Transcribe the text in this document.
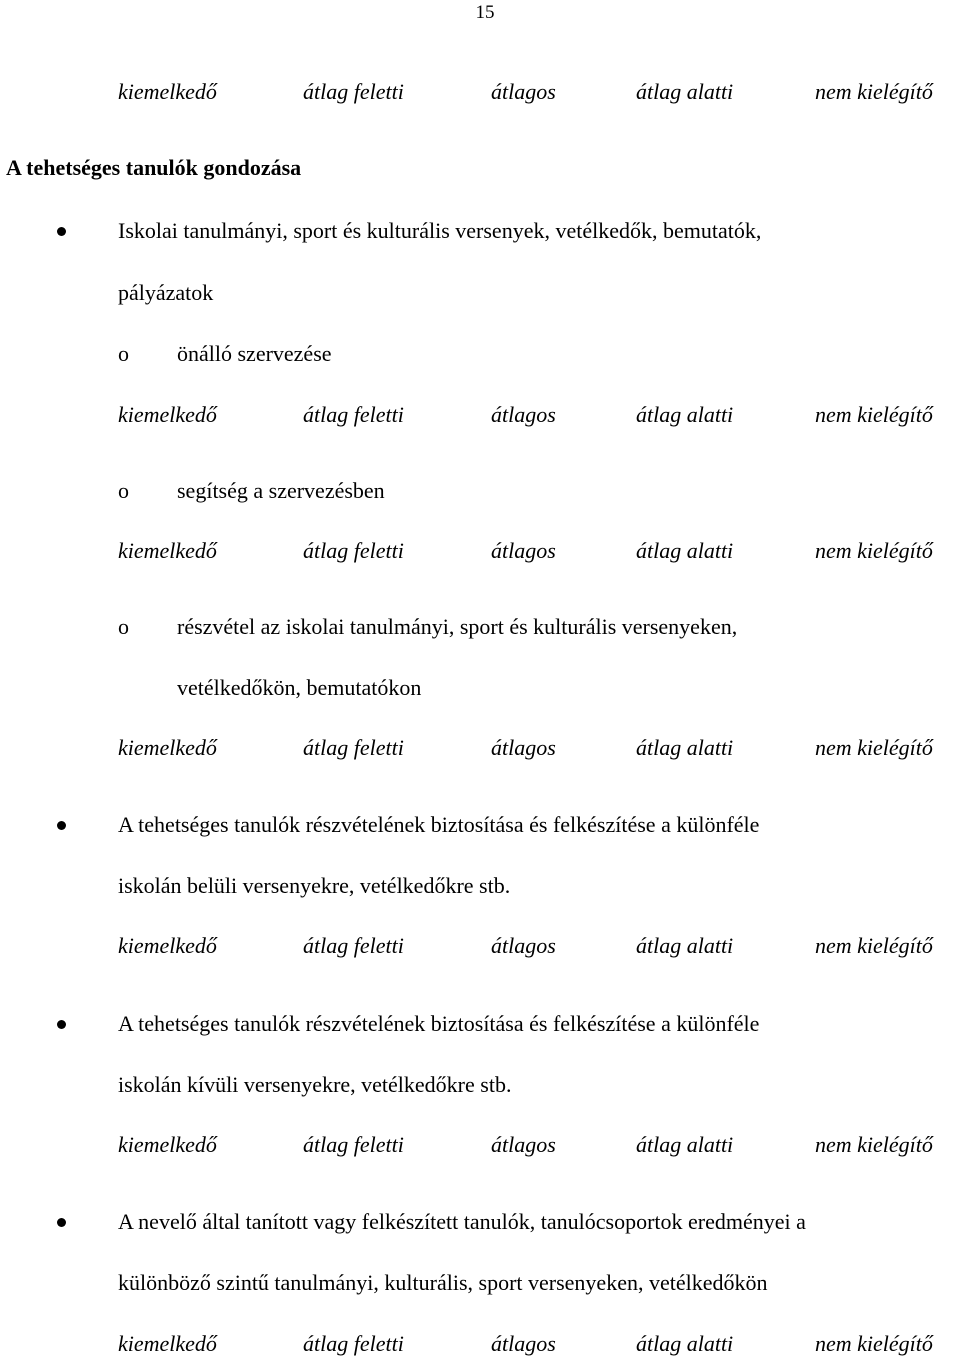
15
kiemelkedő	átlag feletti	átlagos	átlag alatti	nem kielégítő
A tehetséges tanulók gondozása
Iskolai tanulmányi, sport és kulturális versenyek, vetélkedők, bemutatók,
pályázatok
o önálló szervezése
kiemelkedő	átlag feletti	átlagos	átlag alatti	nem kielégítő
o segítség a szervezésben
kiemelkedő	átlag feletti	átlagos	átlag alatti	nem kielégítő
o részvétel az iskolai tanulmányi, sport és kulturális versenyeken,
vetélkedőkön, bemutatókon
kiemelkedő	átlag feletti	átlagos	átlag alatti	nem kielégítő
A tehetséges tanulók részvételének biztosítása és felkészítése a különféle
iskolán belüli versenyekre, vetélkedőkre stb.
kiemelkedő	átlag feletti	átlagos	átlag alatti	nem kielégítő
A tehetséges tanulók részvételének biztosítása és felkészítése a különféle
iskolán kívüli versenyekre, vetélkedőkre stb.
kiemelkedő	átlag feletti	átlagos	átlag alatti	nem kielégítő
A nevelő által tanított vagy felkészített tanulók, tanulócsoportok eredményei a
különböző szintű tanulmányi, kulturális, sport versenyeken, vetélkedőkön
kiemelkedő	átlag feletti	átlagos	átlag alatti	nem kielégítő
